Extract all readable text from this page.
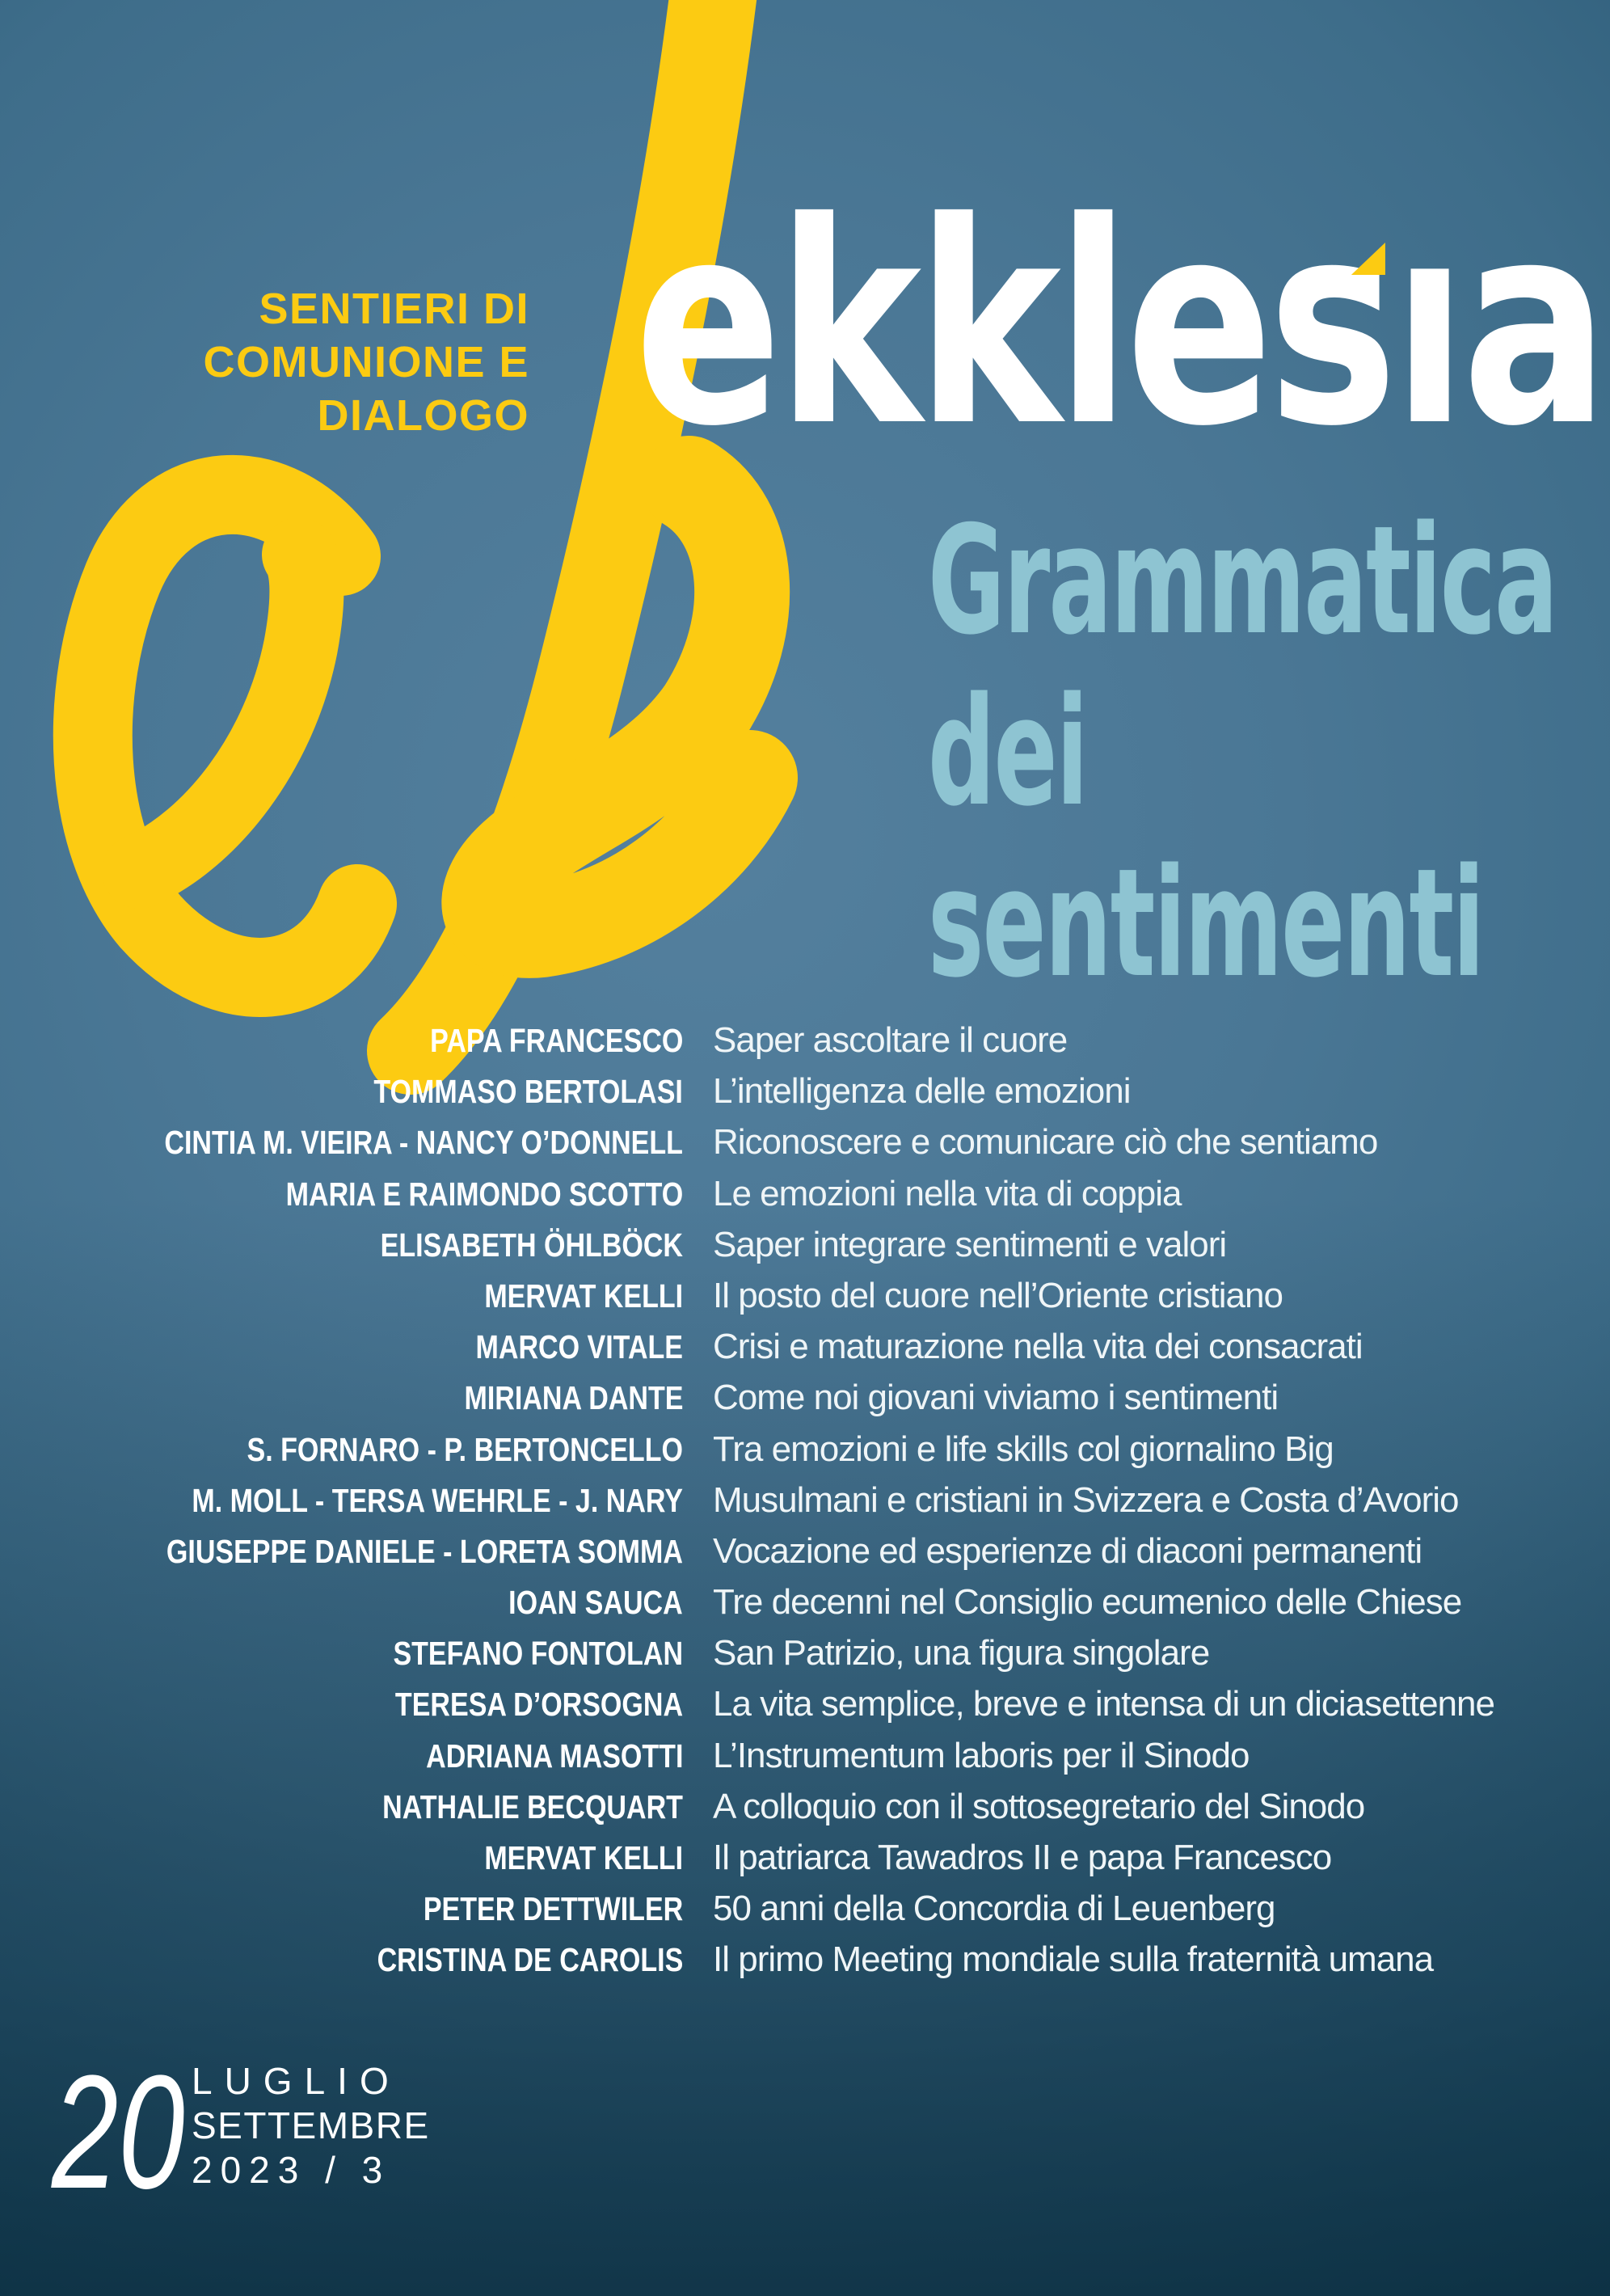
SENTIERI DI
COMUNIONE E
DIALOGO ekklesıa
Grammatica
dei
sentimenti
PAPA FRANCESCO Saper ascoltare il cuore
TOMMASO BERTOLASI L’intelligenza delle emozioni
CINTIA M. VIEIRA - NANCY O’DONNELL Riconoscere e comunicare ciò che sentiamo
MARIA E RAIMONDO SCOTTO Le emozioni nella vita di coppia
ELISABETH ÖHLBÖCK Saper integrare sentimenti e valori
MERVAT KELLI Il posto del cuore nell’Oriente cristiano
MARCO VITALE Crisi e maturazione nella vita dei consacrati
MIRIANA DANTE Come noi giovani viviamo i sentimenti
S. FORNARO - P. BERTONCELLO Tra emozioni e life skills col giornalino Big
M. MOLL - TERSA WEHRLE - J. NARY Musulmani e cristiani in Svizzera e Costa d’Avorio
GIUSEPPE DANIELE - LORETA SOMMA Vocazione ed esperienze di diaconi permanenti
IOAN SAUCA Tre decenni nel Consiglio ecumenico delle Chiese
STEFANO FONTOLAN San Patrizio, una figura singolare
TERESA D’ORSOGNA La vita semplice, breve e intensa di un diciasettenne
ADRIANA MASOTTI L’Instrumentum laboris per il Sinodo
NATHALIE BECQUART A colloquio con il sottosegretario del Sinodo
MERVAT KELLI Il patriarca Tawadros II e papa Francesco
PETER DETTWILER 50 anni della Concordia di Leuenberg
CRISTINA DE CAROLIS Il primo Meeting mondiale sulla fraternità umana
20 LUGLIO
SETTEMBRE
2023 / 3
